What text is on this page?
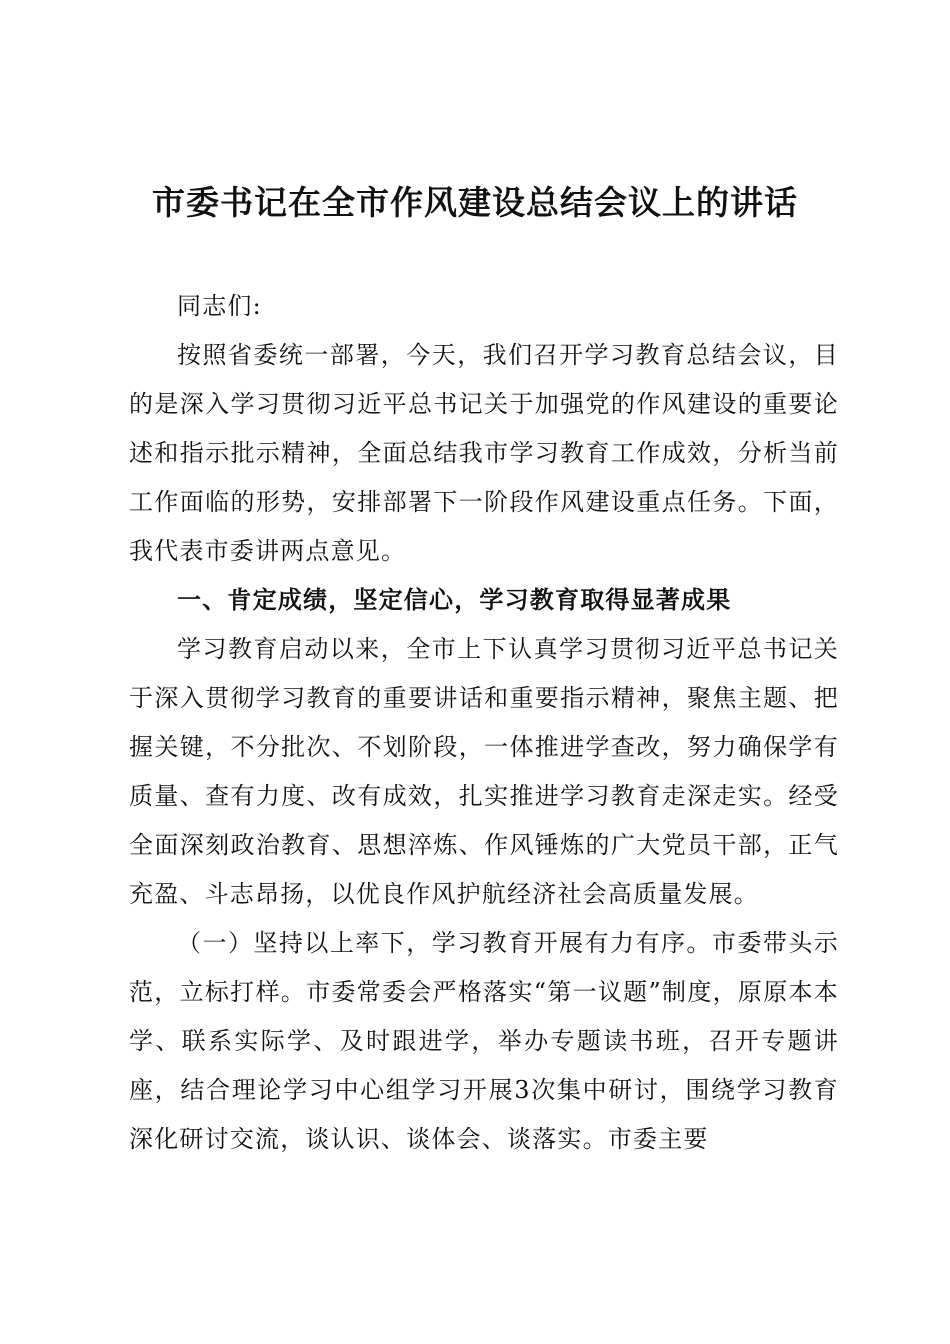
市委书记在全市作风建设总结会议上的讲话

同志们:

按照省委统一部署，今天，我们召开学习教育总结会议，目的是深入学习贯彻习近平总书记关于加强党的作风建设的重要论述和指示批示精神，全面总结我市学习教育工作成效，分析当前工作面临的形势，安排部署下一阶段作风建设重点任务。下面，我代表市委讲两点意见。

一、肯定成绩，坚定信心，学习教育取得显著成果

学习教育启动以来，全市上下认真学习贯彻习近平总书记关于深入贯彻学习教育的重要讲话和重要指示精神，聚焦主题、把握关键，不分批次、不划阶段，一体推进学查改，努力确保学有质量、查有力度、改有成效，扎实推进学习教育走深走实。经受全面深刻政治教育、思想淬炼、作风锤炼的广大党员干部，正气充盈、斗志昂扬，以优良作风护航经济社会高质量发展。

（一）坚持以上率下，学习教育开展有力有序。市委带头示范，立标打样。市委常委会严格落实“第一议题”制度，原原本本学、联系实际学、及时跟进学，举办专题读书班，召开专题讲座，结合理论学习中心组学习开展3次集中研讨，围绕学习教育深化研讨交流，谈认识、谈体会、谈落实。市委主要
